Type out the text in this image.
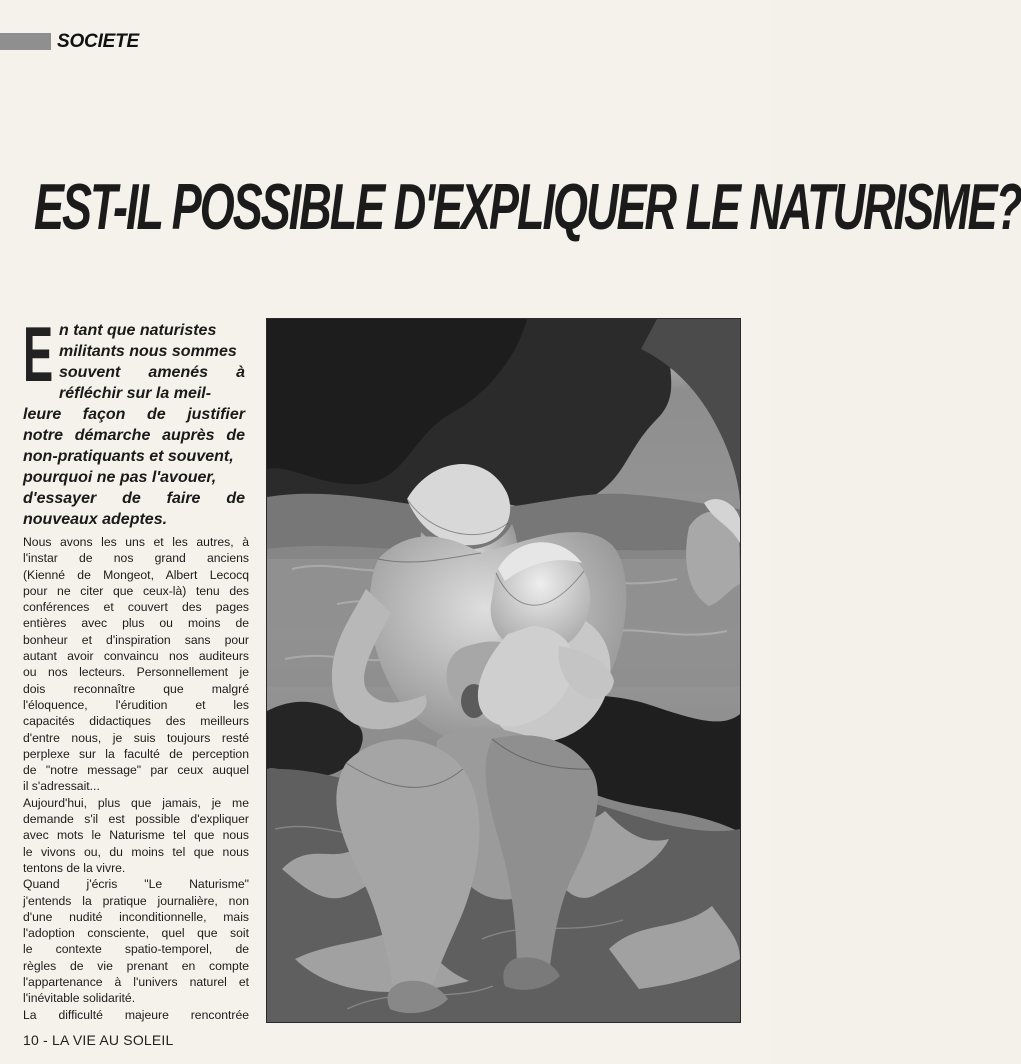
SOCIETE
EST-IL POSSIBLE D'EXPLIQUER LE NATURISME?
E n tant que naturistes
militants nous sommes
souvent amenés à
réfléchir sur la meil-
leure façon de justifier
notre démarche auprès de
non-pratiquants et souvent,
pourquoi ne pas l'avouer,
d'essayer de faire de
nouveaux adeptes.
Nous avons les uns et les autres, à
l'instar de nos grand anciens
(Kienné de Mongeot, Albert Lecocq
pour ne citer que ceux-là) tenu des
conférences et couvert des pages
entières avec plus ou moins de
bonheur et d'inspiration sans pour
autant avoir convaincu nos auditeurs
ou nos lecteurs. Personnellement je
dois reconnaître que malgré
l'éloquence, l'érudition et les
capacités didactiques des meilleurs
d'entre nous, je suis toujours resté
perplexe sur la faculté de perception
de "notre message" par ceux auquel
il s'adressait...
Aujourd'hui, plus que jamais, je me
demande s'il est possible d'expliquer
avec mots le Naturisme tel que nous
le vivons ou, du moins tel que nous
tentons de la vivre.
Quand j'écris "Le Naturisme"
j'entends la pratique journalière, non
d'une nudité inconditionnelle, mais
l'adoption consciente, quel que soit
le contexte spatio-temporel, de
règles de vie prenant en compte
l'appartenance à l'univers naturel et
l'inévitable solidarité.
La difficulté majeure rencontrée
10 - LA VIE AU SOLEIL
